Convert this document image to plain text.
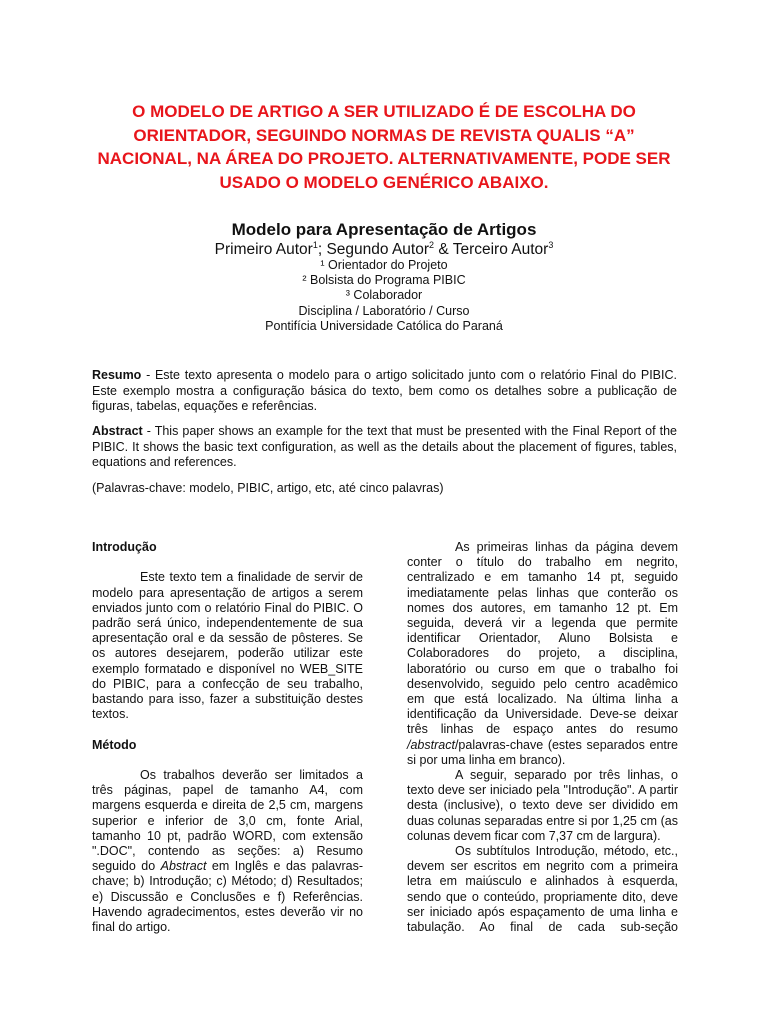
O MODELO DE ARTIGO A SER UTILIZADO É DE ESCOLHA DO ORIENTADOR, SEGUINDO NORMAS DE REVISTA QUALIS “A” NACIONAL, NA ÁREA DO PROJETO. ALTERNATIVAMENTE, PODE SER USADO O MODELO GENÉRICO ABAIXO.

Modelo para Apresentação de Artigos
Primeiro Autor$^1$; Segundo Autor$^2$ & Terceiro Autor$^3$
¹ Orientador do Projeto
² Bolsista do Programa PIBIC
³ Colaborador
Disciplina / Laboratório / Curso
Pontifícia Universidade Católica do Paraná

Resumo - Este texto apresenta o modelo para o artigo solicitado junto com o relatório Final do PIBIC. Este exemplo mostra a configuração básica do texto, bem como os detalhes sobre a publicação de figuras, tabelas, equações e referências.

Abstract - This paper shows an example for the text that must be presented with the Final Report of the PIBIC. It shows the basic text configuration, as well as the details about the placement of figures, tables, equations and references.

(Palavras-chave: modelo, PIBIC, artigo, etc, até cinco palavras)

Introdução

Este texto tem a finalidade de servir de modelo para apresentação de artigos a serem enviados junto com o relatório Final do PIBIC. O padrão será único, independentemente de sua apresentação oral e da sessão de pôsteres. Se os autores desejarem, poderão utilizar este exemplo formatado e disponível no WEB_SITE do PIBIC, para a confecção de seu trabalho, bastando para isso, fazer a substituição destes textos.

Método

Os trabalhos deverão ser limitados a três páginas, papel de tamanho A4, com margens esquerda e direita de 2,5 cm, margens superior e inferior de 3,0 cm, fonte Arial, tamanho 10 pt, padrão WORD, com extensão ".DOC", contendo as seções: a) Resumo seguido do Abstract em Inglês e das palavras-chave; b) Introdução; c) Método; d) Resultados; e) Discussão e Conclusões e f) Referências. Havendo agradecimentos, estes deverão vir no final do artigo.

As primeiras linhas da página devem conter o título do trabalho em negrito, centralizado e em tamanho 14 pt, seguido imediatamente pelas linhas que conterão os nomes dos autores, em tamanho 12 pt. Em seguida, deverá vir a legenda que permite identificar Orientador, Aluno Bolsista e Colaboradores do projeto, a disciplina, laboratório ou curso em que o trabalho foi desenvolvido, seguido pelo centro acadêmico em que está localizado. Na última linha a identificação da Universidade. Deve-se deixar três linhas de espaço antes do resumo /abstract/palavras-chave (estes separados entre si por uma linha em branco).

A seguir, separado por três linhas, o texto deve ser iniciado pela "Introdução". A partir desta (inclusive), o texto deve ser dividido em duas colunas separadas entre si por 1,25 cm (as colunas devem ficar com 7,37 cm de largura).

Os subtítulos Introdução, método, etc., devem ser escritos em negrito com a primeira letra em maiúsculo e alinhados à esquerda, sendo que o conteúdo, propriamente dito, deve ser iniciado após espaçamento de uma linha e tabulação. Ao final de cada sub-seção
